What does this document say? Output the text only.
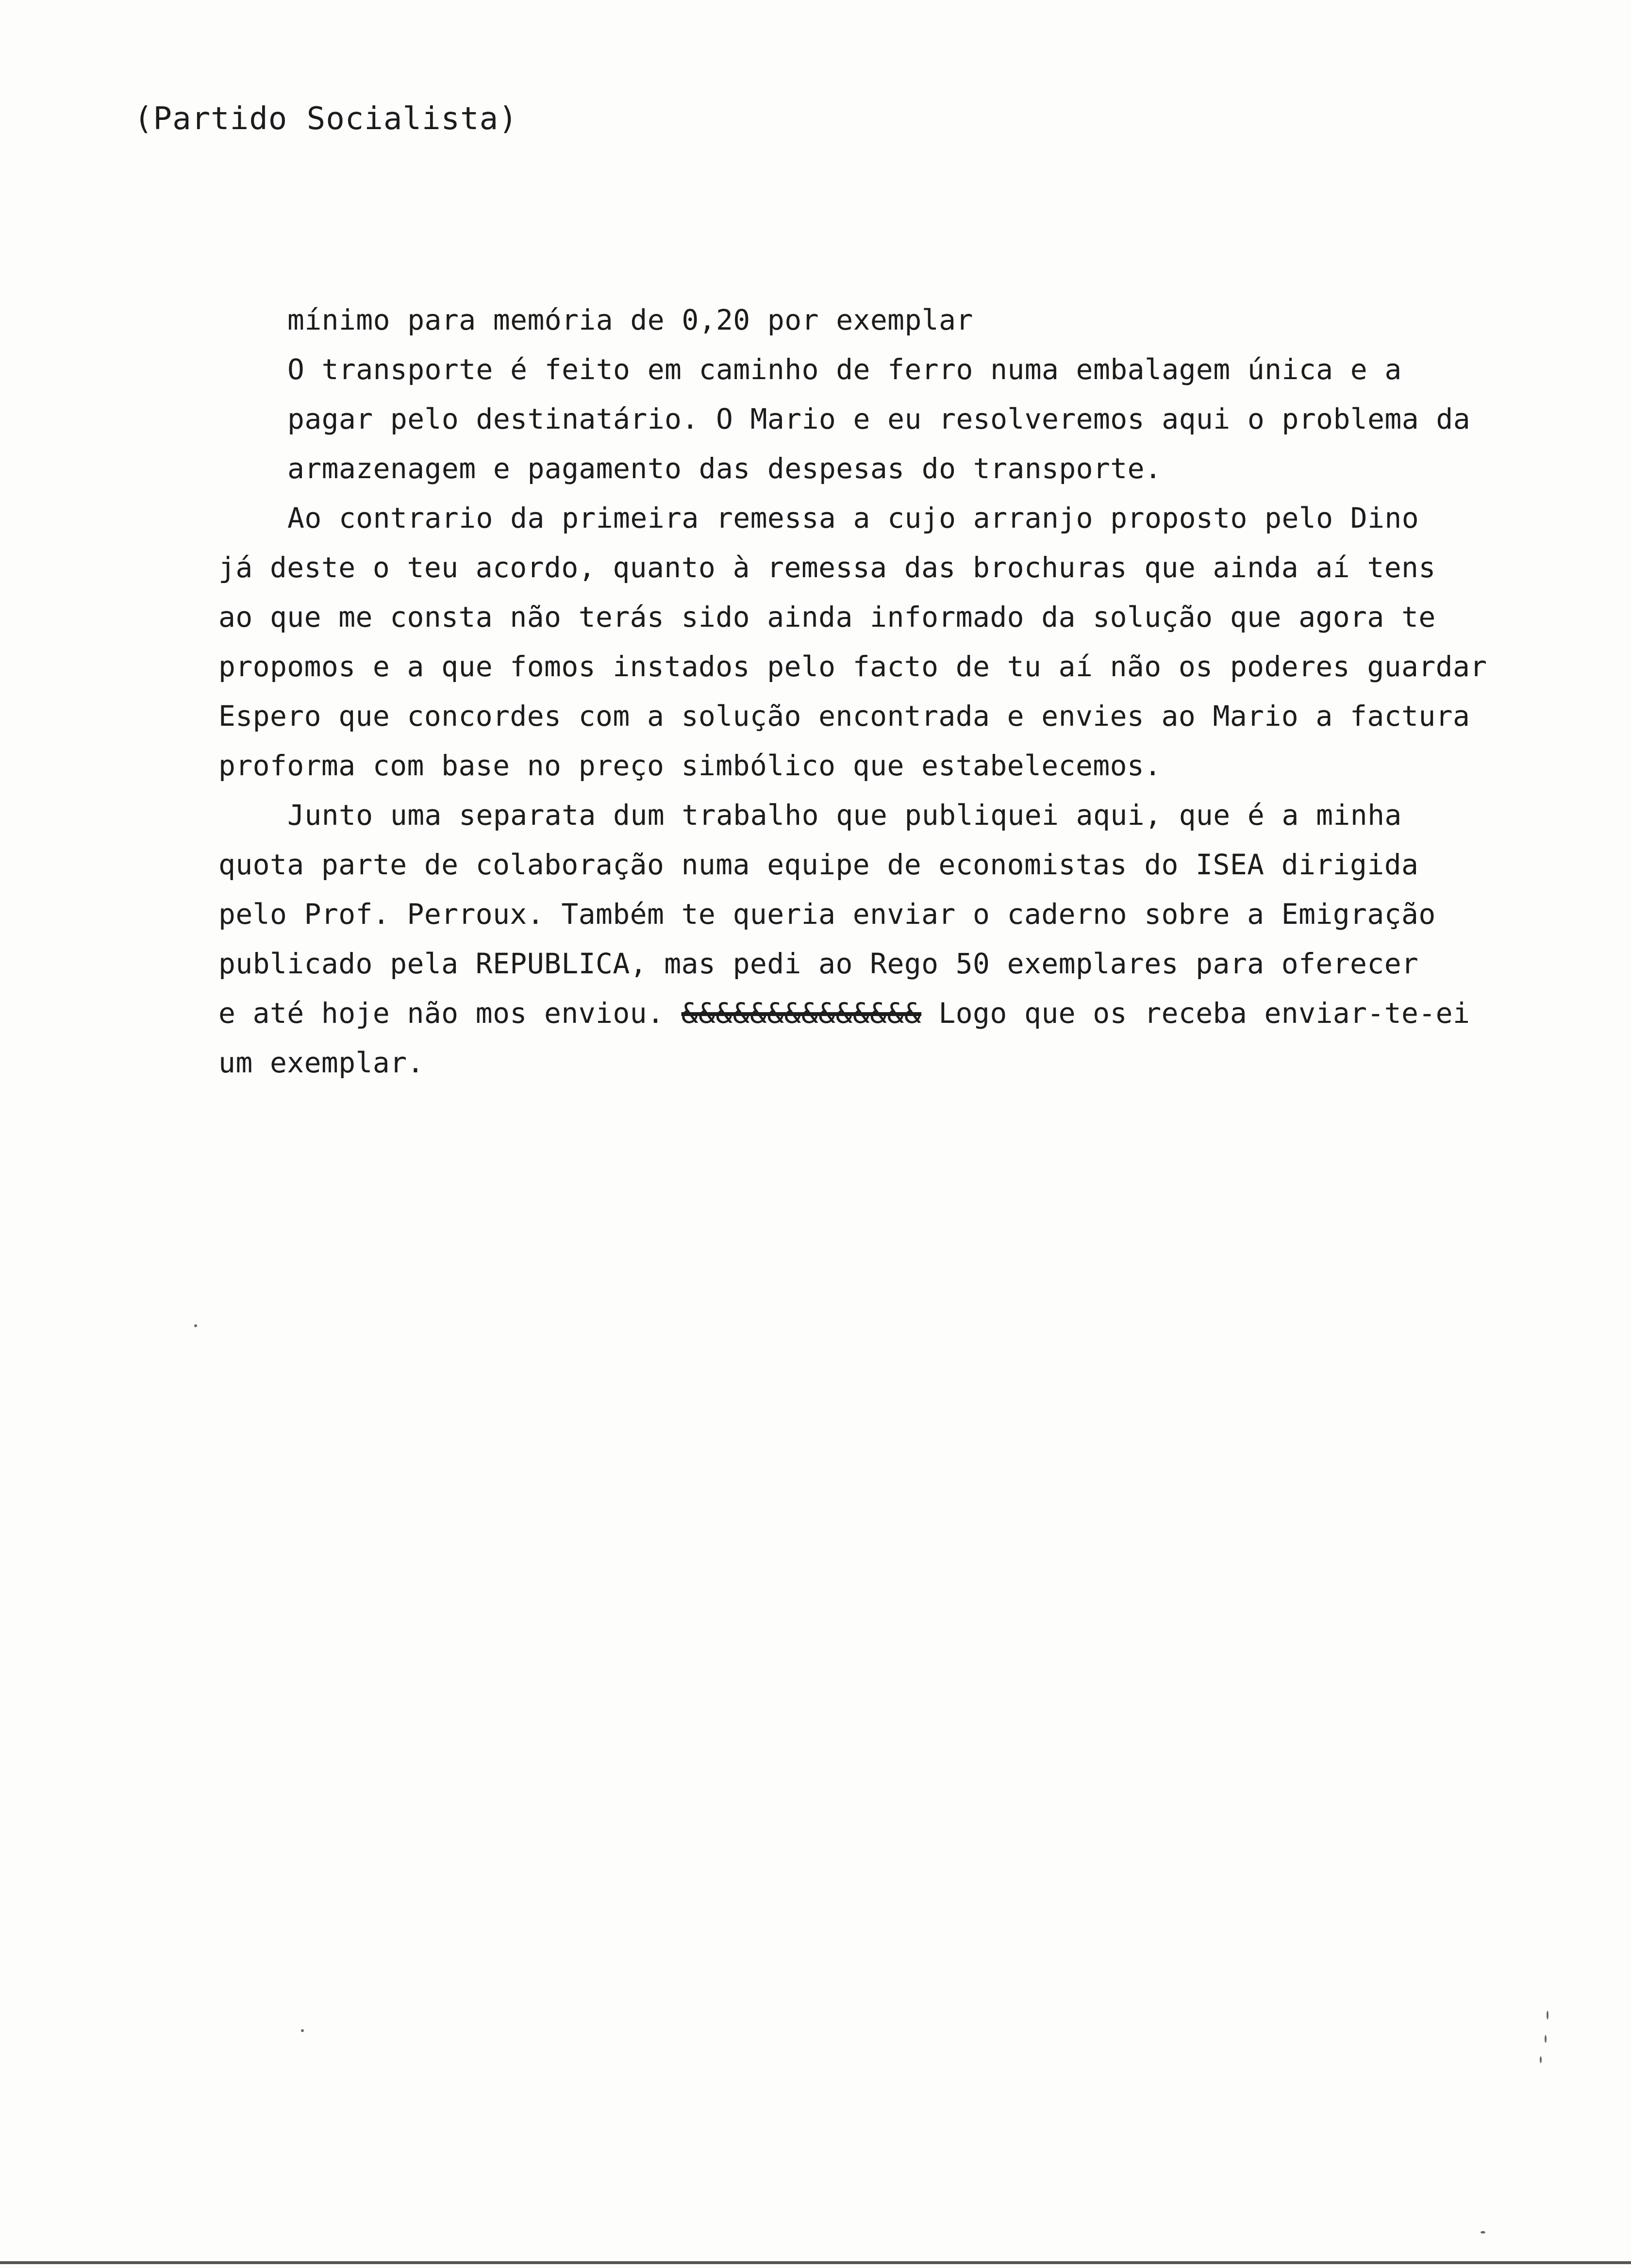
(Partido Socialista)
mínimo para memória de 0,20 por exemplar
O transporte é feito em caminho de ferro numa embalagem única e a
pagar pelo destinatário. O Mario e eu resolveremos aqui o problema da
armazenagem e pagamento das despesas do transporte.
Ao contrario da primeira remessa a cujo arranjo proposto pelo Dino
já deste o teu acordo, quanto à remessa das brochuras que ainda aí tens
ao que me consta não terás sido ainda informado da solução que agora te
propomos e a que fomos instados pelo facto de tu aí não os poderes guardar
Espero que concordes com a solução encontrada e envies ao Mario a factura
proforma com base no preço simbólico que estabelecemos.
Junto uma separata dum trabalho que publiquei aqui, que é a minha
quota parte de colaboração numa equipe de economistas do ISEA dirigida
pelo Prof. Perroux. Também te queria enviar o caderno sobre a Emigração
publicado pela REPUBLICA, mas pedi ao Rego 50 exemplares para oferecer
e até hoje não mos enviou. &&&&&&&&&&&&&& Logo que os receba enviar-te-ei
um exemplar.
